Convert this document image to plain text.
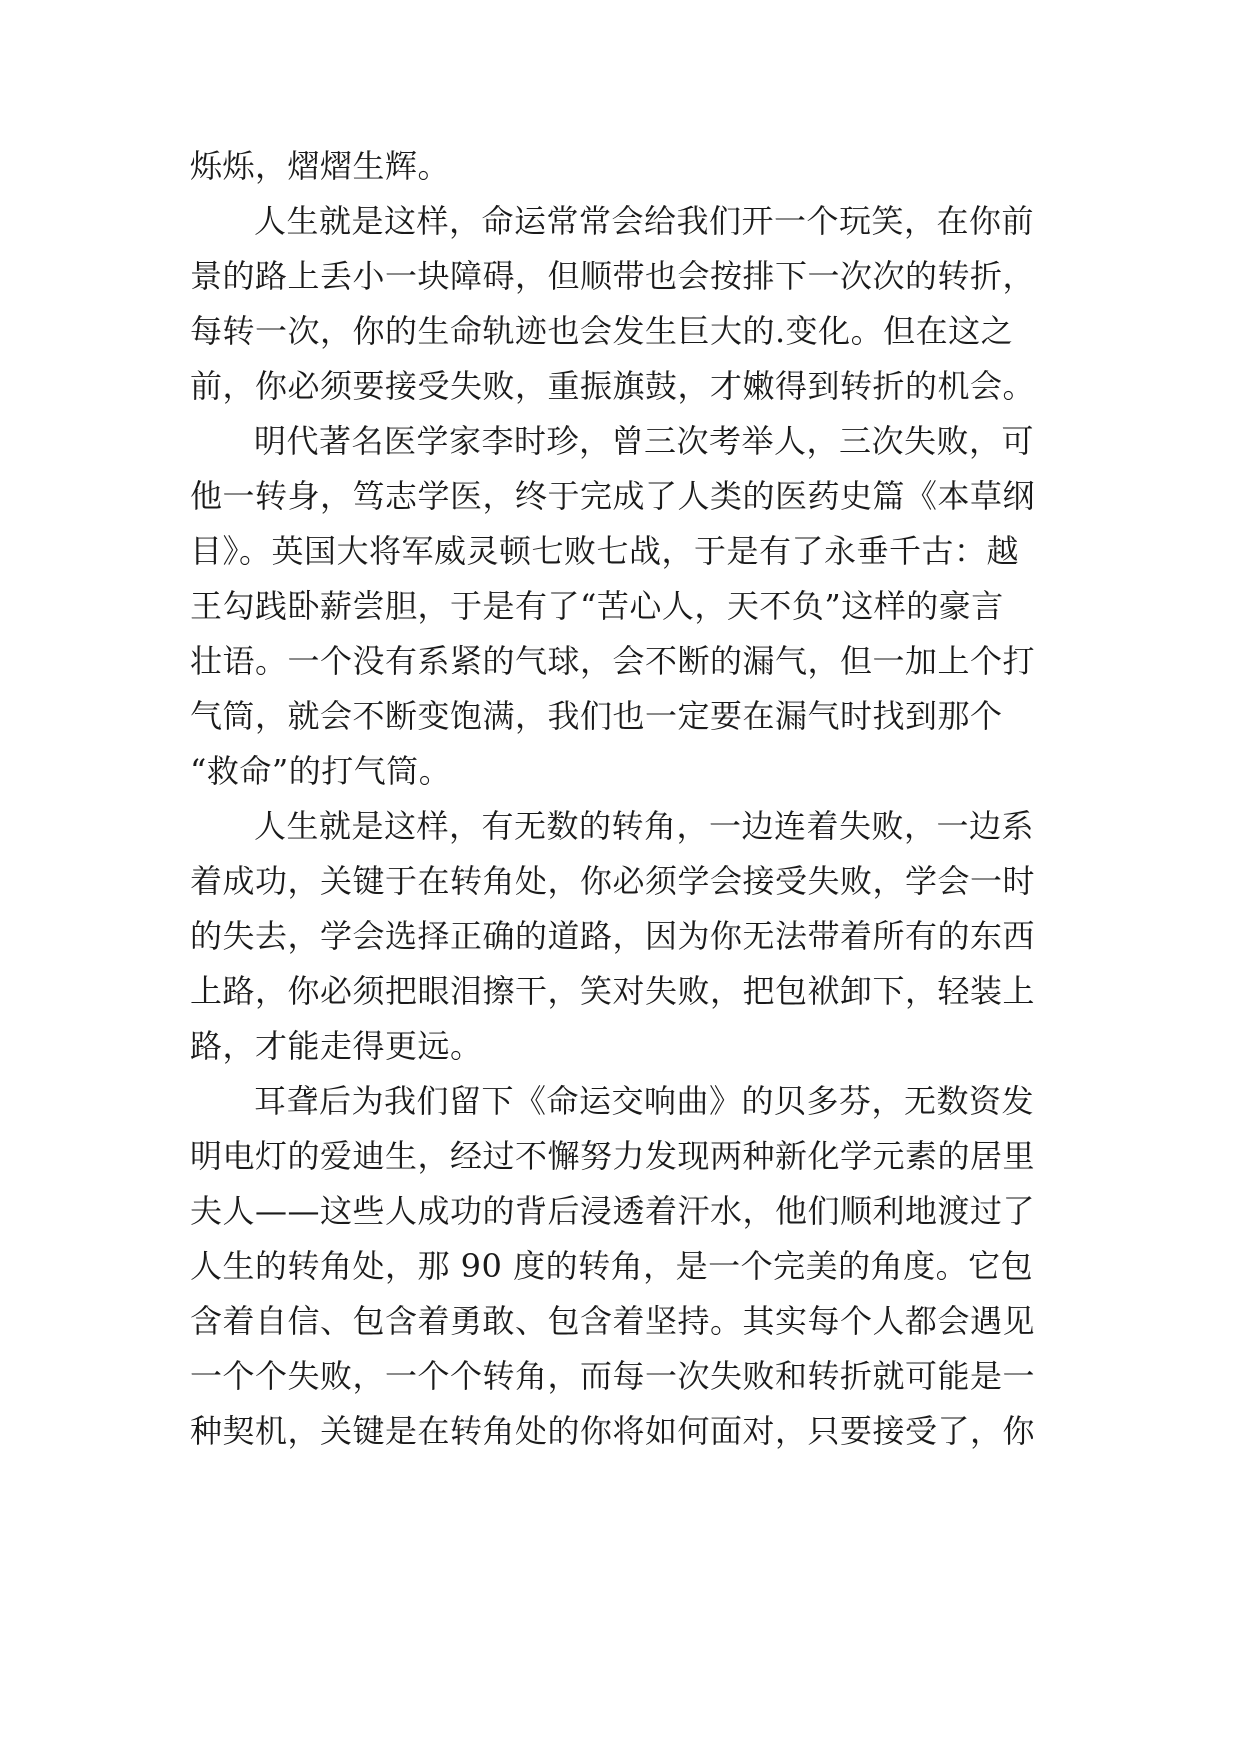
烁烁，熠熠生辉。
人生就是这样，命运常常会给我们开一个玩笑，在你前
景的路上丢小一块障碍，但顺带也会按排下一次次的转折，
每转一次，你的生命轨迹也会发生巨大的.变化。但在这之
前，你必须要接受失败，重振旗鼓，才嫩得到转折的机会。
明代著名医学家李时珍，曾三次考举人，三次失败，可
他一转身，笃志学医，终于完成了人类的医药史篇《本草纲
目》。英国大将军威灵顿七败七战，于是有了永垂千古：越
王勾践卧薪尝胆，于是有了“苦心人，天不负”这样的豪言
壮语。一个没有系紧的气球，会不断的漏气，但一加上个打
气筒，就会不断变饱满，我们也一定要在漏气时找到那个
“救命”的打气筒。
人生就是这样，有无数的转角，一边连着失败，一边系
着成功，关键于在转角处，你必须学会接受失败，学会一时
的失去，学会选择正确的道路，因为你无法带着所有的东西
上路，你必须把眼泪擦干，笑对失败，把包袱卸下，轻装上
路，才能走得更远。
耳聋后为我们留下《命运交响曲》的贝多芬，无数资发
明电灯的爱迪生，经过不懈努力发现两种新化学元素的居里
夫人——这些人成功的背后浸透着汗水，他们顺利地渡过了
人生的转角处，那 90 度的转角，是一个完美的角度。它包
含着自信、包含着勇敢、包含着坚持。其实每个人都会遇见
一个个失败，一个个转角，而每一次失败和转折就可能是一
种契机，关键是在转角处的你将如何面对，只要接受了，你
